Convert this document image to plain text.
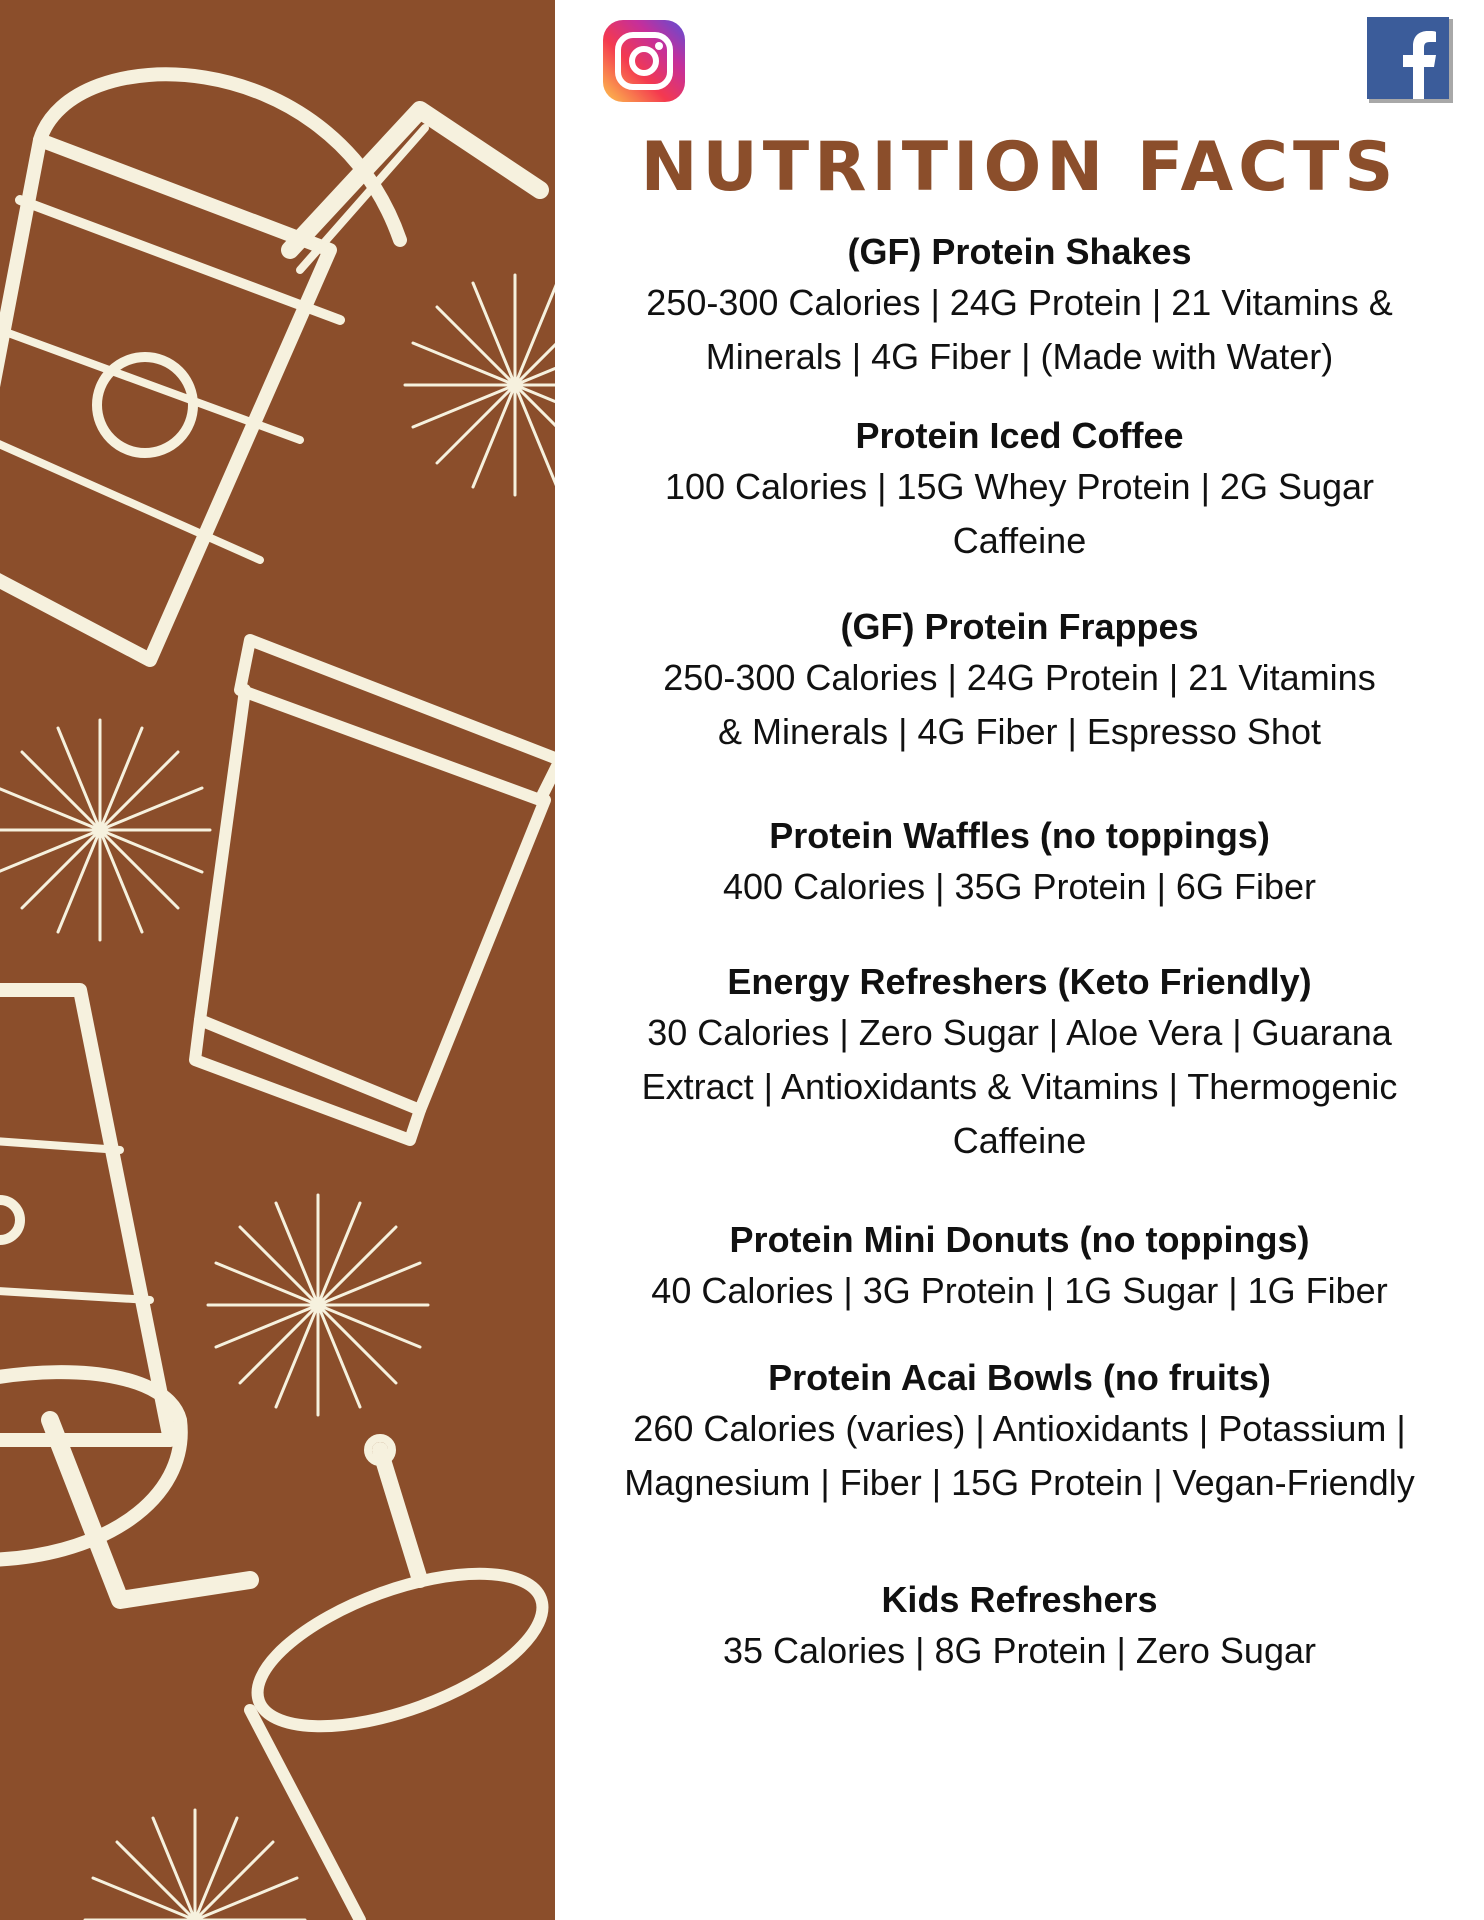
NUTRITION FACTS

(GF) Protein Shakes

250-300 Calories | 24G Protein | 21 Vitamins &
Minerals | 4G Fiber | (Made with Water)

Protein Iced Coffee

100 Calories | 15G Whey Protein | 2G Sugar
Caffeine

(GF) Protein Frappes

250-300 Calories | 24G Protein | 21 Vitamins
& Minerals | 4G Fiber | Espresso Shot

Protein Waffles (no toppings)

400 Calories | 35G Protein | 6G Fiber

Energy Refreshers (Keto Friendly)

30 Calories | Zero Sugar | Aloe Vera | Guarana
Extract | Antioxidants & Vitamins | Thermogenic
Caffeine

Protein Mini Donuts (no toppings)

40 Calories | 3G Protein | 1G Sugar | 1G Fiber

Protein Acai Bowls (no fruits)

260 Calories (varies) | Antioxidants | Potassium |
Magnesium | Fiber | 15G Protein | Vegan-Friendly

Kids Refreshers

35 Calories | 8G Protein | Zero Sugar
